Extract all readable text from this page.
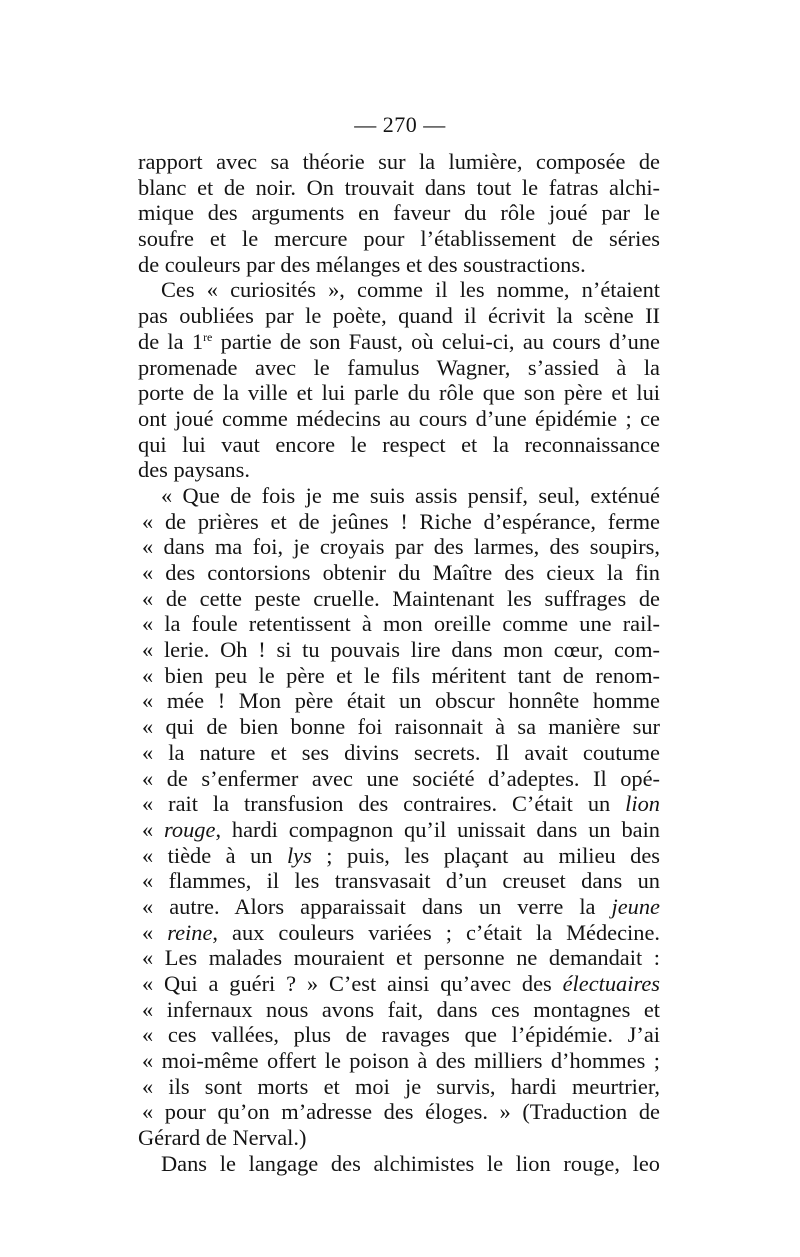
— 270 —
rapport avec sa théorie sur la lumière, composée de
blanc et de noir. On trouvait dans tout le fatras alchi-
mique des arguments en faveur du rôle joué par le
soufre et le mercure pour l’établissement de séries
de couleurs par des mélanges et des soustractions.
Ces « curiosités », comme il les nomme, n’étaient
pas oubliées par le poète, quand il écrivit la scène II
de la 1re partie de son Faust, où celui-ci, au cours d’une
promenade avec le famulus Wagner, s’assied à la
porte de la ville et lui parle du rôle que son père et lui
ont joué comme médecins au cours d’une épidémie ; ce
qui lui vaut encore le respect et la reconnaissance
des paysans.
« Que de fois je me suis assis pensif, seul, exténué
« de prières et de jeûnes ! Riche d’espérance, ferme
« dans ma foi, je croyais par des larmes, des soupirs,
« des contorsions obtenir du Maître des cieux la fin
« de cette peste cruelle. Maintenant les suffrages de
« la foule retentissent à mon oreille comme une rail-
« lerie. Oh ! si tu pouvais lire dans mon cœur, com-
« bien peu le père et le fils méritent tant de renom-
« mée ! Mon père était un obscur honnête homme
« qui de bien bonne foi raisonnait à sa manière sur
« la nature et ses divins secrets. Il avait coutume
« de s’enfermer avec une société d’adeptes. Il opé-
« rait la transfusion des contraires. C’était un lion
« rouge, hardi compagnon qu’il unissait dans un bain
« tiède à un lys ; puis, les plaçant au milieu des
« flammes, il les transvasait d’un creuset dans un
« autre. Alors apparaissait dans un verre la jeune
« reine, aux couleurs variées ; c’était la Médecine.
« Les malades mouraient et personne ne demandait :
« Qui a guéri ? » C’est ainsi qu’avec des électuaires
« infernaux nous avons fait, dans ces montagnes et
« ces vallées, plus de ravages que l’épidémie. J’ai
« moi-même offert le poison à des milliers d’hommes ;
« ils sont morts et moi je survis, hardi meurtrier,
« pour qu’on m’adresse des éloges. » (Traduction de
Gérard de Nerval.)
Dans le langage des alchimistes le lion rouge, leo
